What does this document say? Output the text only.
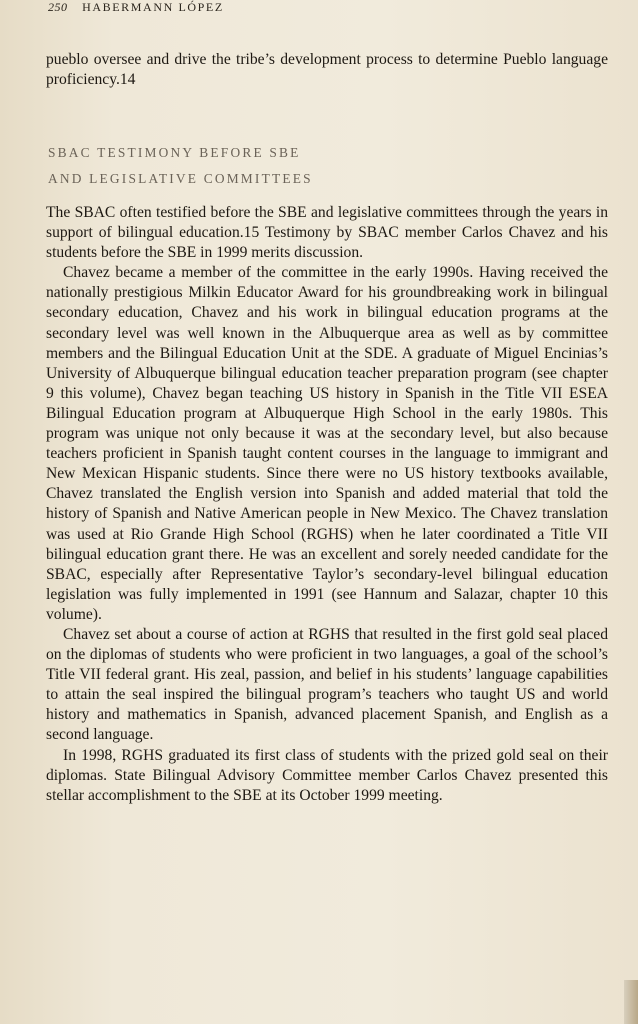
250 HABERMANN LÓPEZ
pueblo oversee and drive the tribe’s development process to determine Pueblo language proficiency.14
SBAC TESTIMONY BEFORE SBE
AND LEGISLATIVE COMMITTEES

The SBAC often testified before the SBE and legislative committees through the years in support of bilingual education.15 Testimony by SBAC member Carlos Chavez and his students before the SBE in 1999 merits discussion.

Chavez became a member of the committee in the early 1990s. Having received the nationally prestigious Milkin Educator Award for his groundbreaking work in bilingual secondary education, Chavez and his work in bilingual education programs at the secondary level was well known in the Albuquerque area as well as by committee members and the Bilingual Education Unit at the SDE. A graduate of Miguel Encinias’s University of Albuquerque bilingual education teacher preparation program (see chapter 9 this volume), Chavez began teaching US history in Spanish in the Title VII ESEA Bilingual Education program at Albuquerque High School in the early 1980s. This program was unique not only because it was at the secondary level, but also because teachers proficient in Spanish taught content courses in the language to immigrant and New Mexican Hispanic students. Since there were no US history textbooks available, Chavez translated the English version into Spanish and added material that told the history of Spanish and Native American people in New Mexico. The Chavez translation was used at Rio Grande High School (RGHS) when he later coordinated a Title VII bilingual education grant there. He was an excellent and sorely needed candidate for the SBAC, especially after Representative Taylor’s secondary-level bilingual education legislation was fully implemented in 1991 (see Hannum and Salazar, chapter 10 this volume).

Chavez set about a course of action at RGHS that resulted in the first gold seal placed on the diplomas of students who were proficient in two languages, a goal of the school’s Title VII federal grant. His zeal, passion, and belief in his students’ language capabilities to attain the seal inspired the bilingual program’s teachers who taught US and world history and mathematics in Spanish, advanced placement Spanish, and English as a second language.

In 1998, RGHS graduated its first class of students with the prized gold seal on their diplomas. State Bilingual Advisory Committee member Carlos Chavez presented this stellar accomplishment to the SBE at its October 1999 meeting.
